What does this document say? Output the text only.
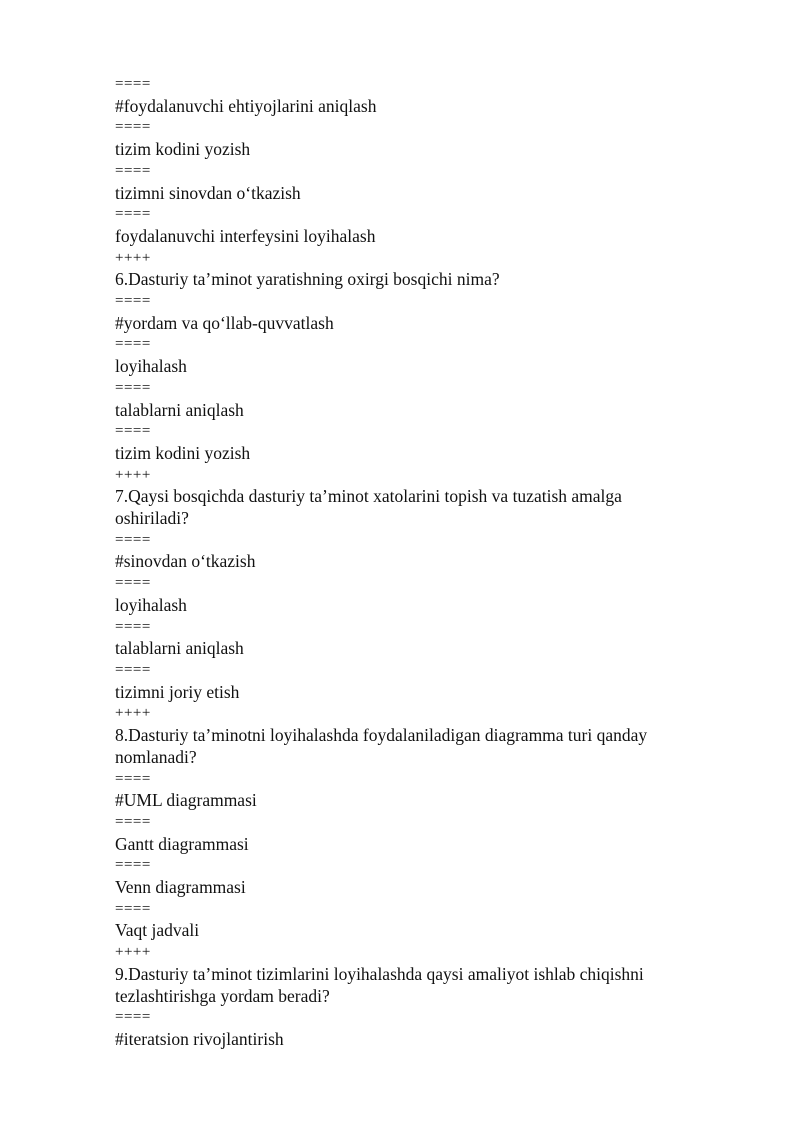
====
#foydalanuvchi ehtiyojlarini aniqlash
====
tizim kodini yozish
====
tizimni sinovdan oʻtkazish
====
foydalanuvchi interfeysini loyihalash
++++
6.Dasturiy ta’minot yaratishning oxirgi bosqichi nima?
====
#yordam va qoʻllab-quvvatlash
====
loyihalash
====
talablarni aniqlash
====
tizim kodini yozish
++++
7.Qaysi bosqichda dasturiy ta’minot xatolarini topish va tuzatish amalga
oshiriladi?
====
#sinovdan oʻtkazish
====
loyihalash
====
talablarni aniqlash
====
tizimni joriy etish
++++
8.Dasturiy ta’minotni loyihalashda foydalaniladigan diagramma turi qanday
nomlanadi?
====
#UML diagrammasi
====
Gantt diagrammasi
====
Venn diagrammasi
====
Vaqt jadvali
++++
9.Dasturiy ta’minot tizimlarini loyihalashda qaysi amaliyot ishlab chiqishni
tezlashtirishga yordam beradi?
====
#iteratsion rivojlantirish
